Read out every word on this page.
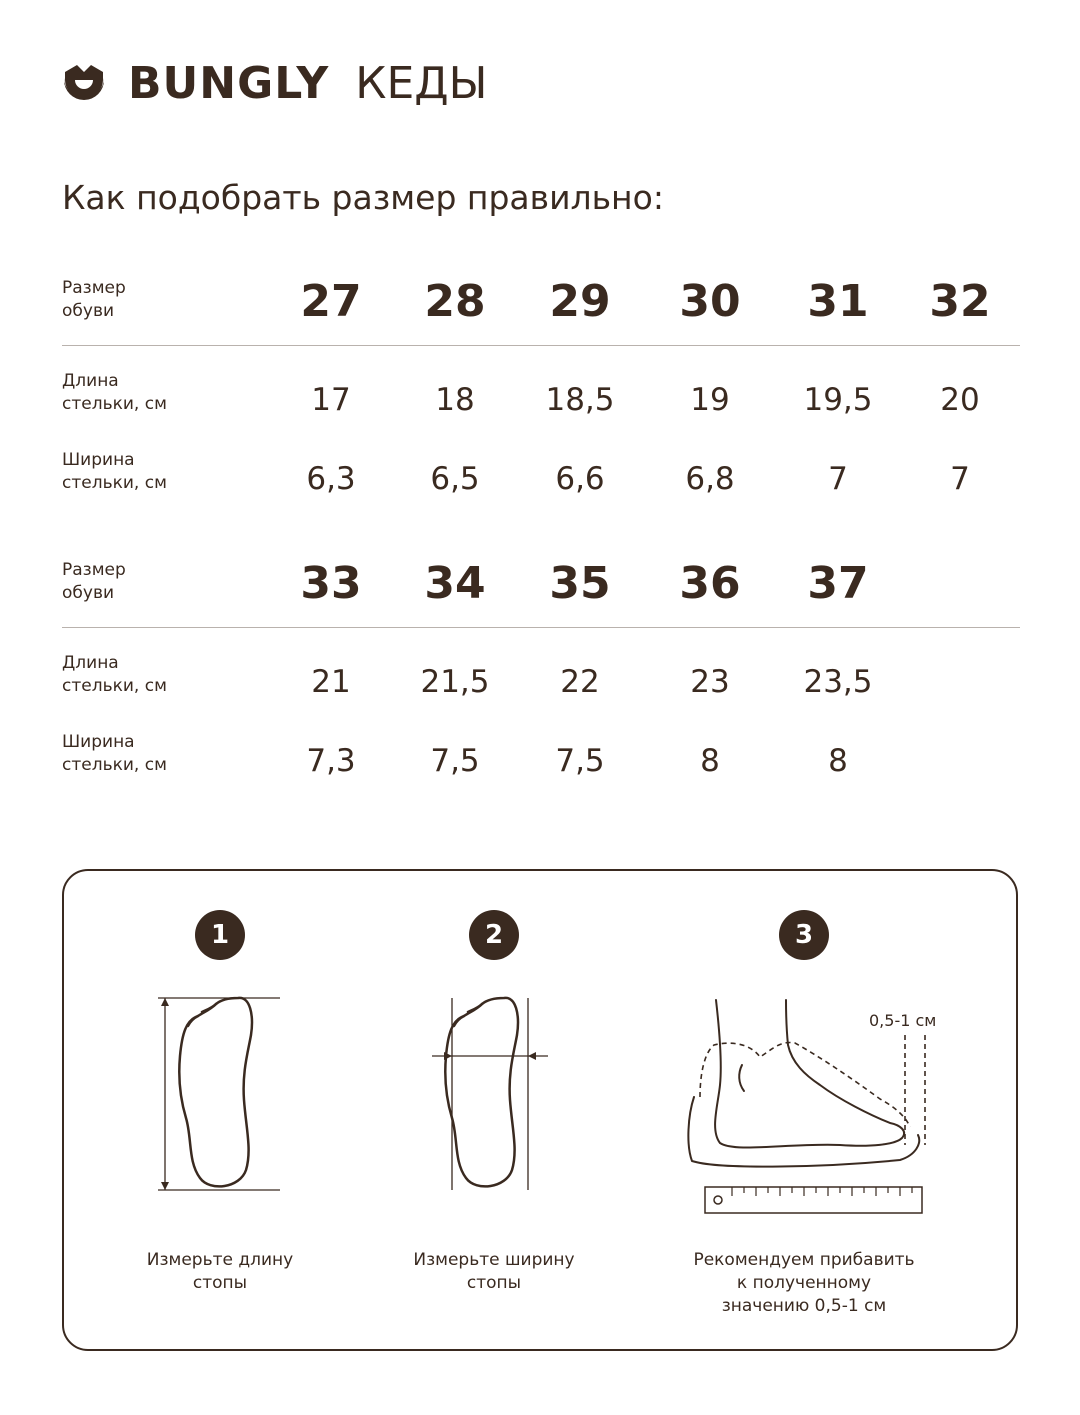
BUNGLY КЕДЫ
Как подобрать размер правильно:
Размер
обуви	27	28	29	30	31	32
Длина
стельки, см	17	18	18,5	19	19,5	20
Ширина
стельки, см	6,3	6,5	6,6	6,8	7	7
Размер
обуви	33	34	35	36	37
Длина
стельки, см	21	21,5	22	23	23,5
Ширина
стельки, см	7,3	7,5	7,5	8	8
1	2	3
0,5-1 см
Измерьте длину
стопы
Измерьте ширину
стопы
Рекомендуем прибавить
к полученному
значению 0,5-1 см
